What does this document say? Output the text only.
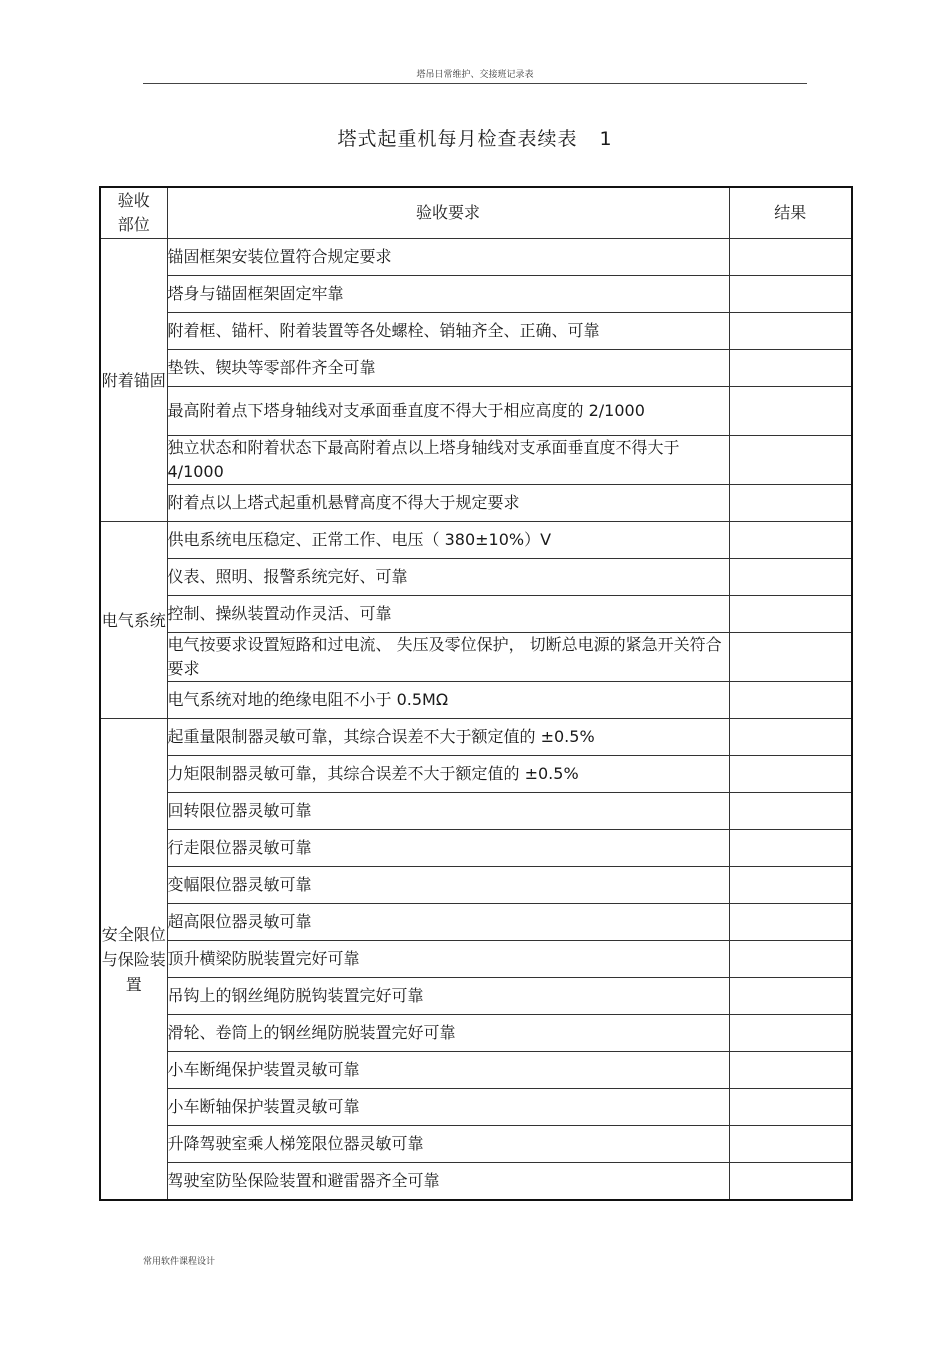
塔吊日常维护、交接班记录表
塔式起重机每月检查表续表 1
验收部位	验收要求	结果
附着锚固	锚固框架安装位置符合规定要求	
	塔身与锚固框架固定牢靠	
	附着框、锚杆、附着装置等各处螺栓、销轴齐全、正确、可靠	
	垫铁、锲块等零部件齐全可靠	
	最高附着点下塔身轴线对支承面垂直度不得大于相应高度的 2/1000	
	独立状态和附着状态下最高附着点以上塔身轴线对支承面垂直度不得大于 4/1000	
	附着点以上塔式起重机悬臂高度不得大于规定要求	
电气系统	供电系统电压稳定、正常工作、电压（ 380±10%）V	
	仪表、照明、报警系统完好、可靠	
	控制、操纵装置动作灵活、可靠	
	电气按要求设置短路和过电流、 失压及零位保护， 切断总电源的紧急开关符合要求	
	电气系统对地的绝缘电阻不小于 0.5MΩ	
安全限位与保险装置	起重量限制器灵敏可靠，其综合误差不大于额定值的 ±0.5%	
	力矩限制器灵敏可靠，其综合误差不大于额定值的 ±0.5%	
	回转限位器灵敏可靠	
	行走限位器灵敏可靠	
	变幅限位器灵敏可靠	
	超高限位器灵敏可靠	
	顶升横梁防脱装置完好可靠	
	吊钩上的钢丝绳防脱钩装置完好可靠	
	滑轮、卷筒上的钢丝绳防脱装置完好可靠	
	小车断绳保护装置灵敏可靠	
	小车断轴保护装置灵敏可靠	
	升降驾驶室乘人梯笼限位器灵敏可靠	
	驾驶室防坠保险装置和避雷器齐全可靠	
常用软件课程设计
